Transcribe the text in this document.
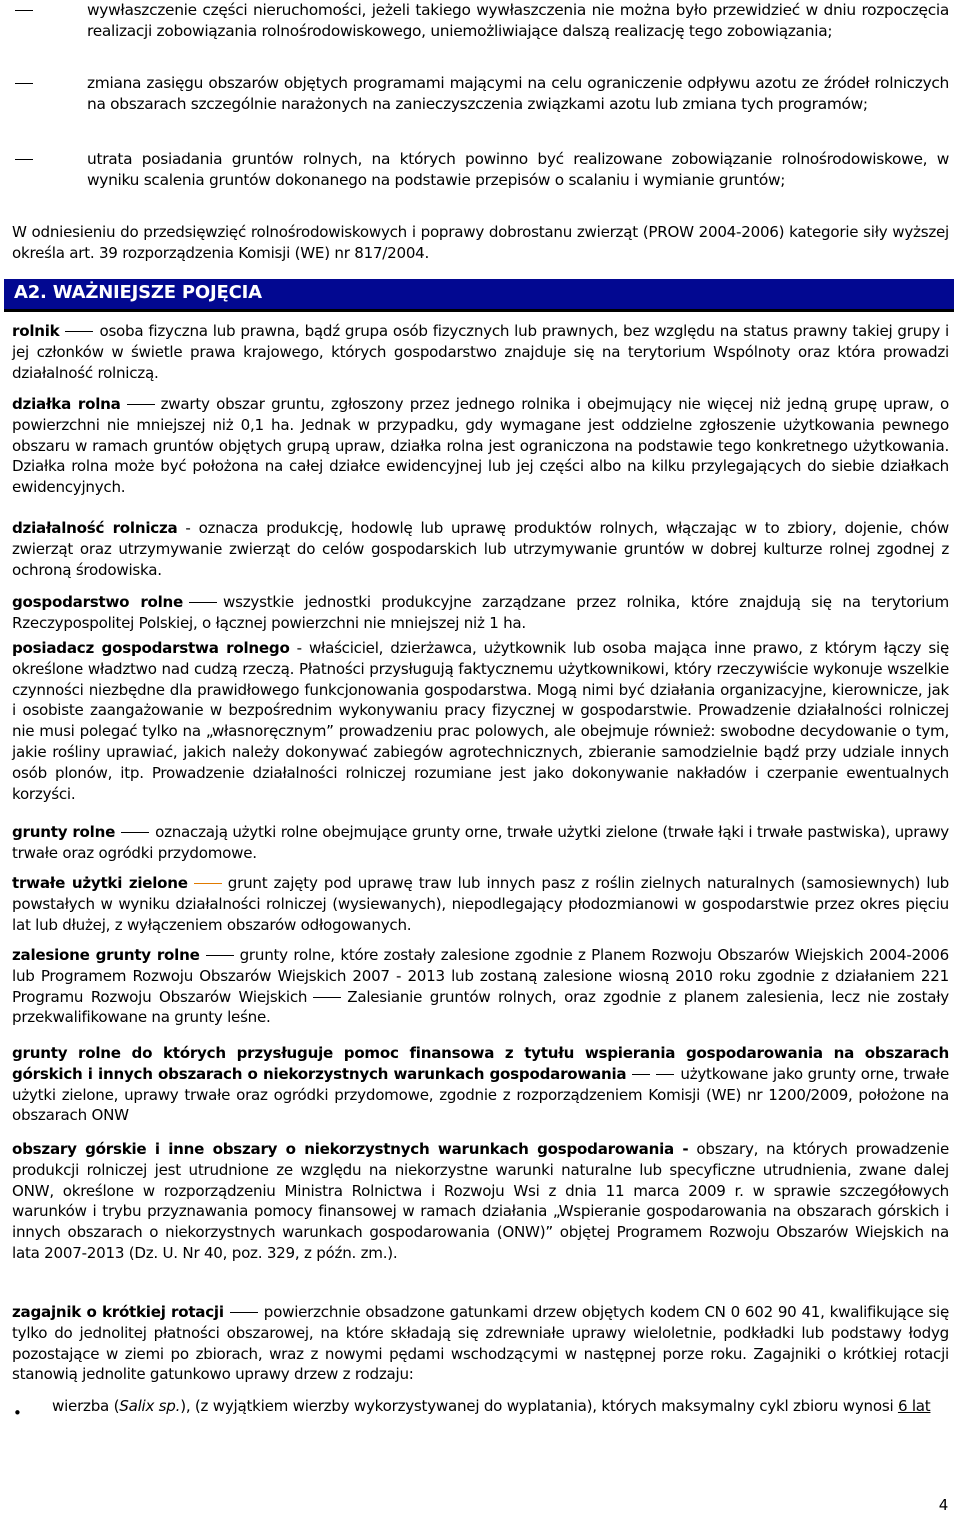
wywłaszczenie części nieruchomości, jeżeli takiego wywłaszczenia nie można było przewidzieć w dniu rozpoczęcia realizacji zobowiązania rolnośrodowiskowego, uniemożliwiające dalszą realizację tego zobowiązania;
zmiana zasięgu obszarów objętych programami mającymi na celu ograniczenie odpływu azotu ze źródeł rolniczych na obszarach szczególnie narażonych na zanieczyszczenia związkami azotu lub zmiana tych programów;
utrata posiadania gruntów rolnych, na których powinno być realizowane zobowiązanie rolnośrodowiskowe, w wyniku scalenia gruntów dokonanego na podstawie przepisów o scalaniu i wymianie gruntów;
W odniesieniu do przedsięwzięć rolnośrodowiskowych i poprawy dobrostanu zwierząt (PROW 2004-2006) kategorie siły wyższej określa art. 39 rozporządzenia Komisji (WE) nr 817/2004.
A2. WAŻNIEJSZE POJĘCIA
rolnik	osoba fizyczna lub prawna, bądź grupa osób fizycznych lub prawnych, bez względu na status prawny takiej grupy i jej członków w świetle prawa krajowego, których gospodarstwo znajduje się na terytorium Wspólnoty oraz która prowadzi działalność rolniczą.
działka rolna	zwarty obszar gruntu, zgłoszony przez jednego rolnika i obejmujący nie więcej niż jedną grupę upraw, o powierzchni nie mniejszej niż 0,1 ha. Jednak w przypadku, gdy wymagane jest oddzielne zgłoszenie użytkowania pewnego obszaru w ramach gruntów objętych grupą upraw, działka rolna jest ograniczona na podstawie tego konkretnego użytkowania. Działka rolna może być położona na całej działce ewidencyjnej lub jej części albo na kilku przylegających do siebie działkach ewidencyjnych.
działalność rolnicza - oznacza produkcję, hodowlę lub uprawę produktów rolnych, włączając w to zbiory, dojenie, chów zwierząt oraz utrzymywanie zwierząt do celów gospodarskich lub utrzymywanie gruntów w dobrej kulturze rolnej zgodnej z ochroną środowiska.
gospodarstwo rolne	wszystkie jednostki produkcyjne zarządzane przez rolnika, które znajdują się na terytorium Rzeczypospolitej Polskiej, o łącznej powierzchni nie mniejszej niż 1 ha.
posiadacz gospodarstwa rolnego - właściciel, dzierżawca, użytkownik lub osoba mająca inne prawo, z którym łączy się określone władztwo nad cudzą rzeczą. Płatności przysługują faktycznemu użytkownikowi, który rzeczywiście wykonuje wszelkie czynności niezbędne dla prawidłowego funkcjonowania gospodarstwa. Mogą nimi być działania organizacyjne, kierownicze, jak i osobiste zaangażowanie w bezpośrednim wykonywaniu pracy fizycznej w gospodarstwie. Prowadzenie działalności rolniczej nie musi polegać tylko na „własnoręcznym” prowadzeniu prac polowych, ale obejmuje również: swobodne decydowanie o tym, jakie rośliny uprawiać, jakich należy dokonywać zabiegów agrotechnicznych, zbieranie samodzielnie bądź przy udziale innych osób plonów, itp. Prowadzenie działalności rolniczej rozumiane jest jako dokonywanie nakładów i czerpanie ewentualnych korzyści.
grunty rolne	oznaczają użytki rolne obejmujące grunty orne, trwałe użytki zielone (trwałe łąki i trwałe pastwiska), uprawy trwałe oraz ogródki przydomowe.
trwałe użytki zielone	grunt zajęty pod uprawę traw lub innych pasz z roślin zielnych naturalnych (samosiewnych) lub powstałych w wyniku działalności rolniczej (wysiewanych), niepodlegający płodozmianowi w gospodarstwie przez okres pięciu lat lub dłużej, z wyłączeniem obszarów odłogowanych.
zalesione grunty rolne	grunty rolne, które zostały zalesione zgodnie z Planem Rozwoju Obszarów Wiejskich 2004-2006 lub Programem Rozwoju Obszarów Wiejskich 2007 - 2013 lub zostaną zalesione wiosną 2010 roku zgodnie z działaniem 221 Programu Rozwoju Obszarów Wiejskich	Zalesianie gruntów rolnych, oraz zgodnie z planem zalesienia, lecz nie zostały przekwalifikowane na grunty leśne.
grunty rolne do których przysługuje pomoc finansowa z tytułu wspierania gospodarowania na obszarach górskich i innych obszarach o niekorzystnych warunkach gospodarowania	użytkowane jako grunty orne, trwałe użytki zielone, uprawy trwałe oraz ogródki przydomowe, zgodnie z rozporządzeniem Komisji (WE) nr 1200/2009, położone na obszarach ONW
obszary górskie i inne obszary o niekorzystnych warunkach gospodarowania - obszary, na których prowadzenie produkcji rolniczej jest utrudnione ze względu na niekorzystne warunki naturalne lub specyficzne utrudnienia, zwane dalej ONW, określone w rozporządzeniu Ministra Rolnictwa i Rozwoju Wsi z dnia 11 marca 2009 r. w sprawie szczegółowych warunków i trybu przyznawania pomocy finansowej w ramach działania „Wspieranie gospodarowania na obszarach górskich i innych obszarach o niekorzystnych warunkach gospodarowania (ONW)” objętej Programem Rozwoju Obszarów Wiejskich na lata 2007-2013 (Dz. U. Nr 40, poz. 329, z późn. zm.).
zagajnik o krótkiej rotacji	powierzchnie obsadzone gatunkami drzew objętych kodem CN 0 602 90 41, kwalifikujące się tylko do jednolitej płatności obszarowej, na które składają się zdrewniałe uprawy wieloletnie, podkładki lub podstawy łodyg pozostające w ziemi po zbiorach, wraz z nowymi pędami wschodzącymi w następnej porze roku. Zagajniki o krótkiej rotacji stanowią jednolite gatunkowo uprawy drzew z rodzaju:
• wierzba (Salix sp.), (z wyjątkiem wierzby wykorzystywanej do wyplatania), których maksymalny cykl zbioru wynosi 6 lat
4
